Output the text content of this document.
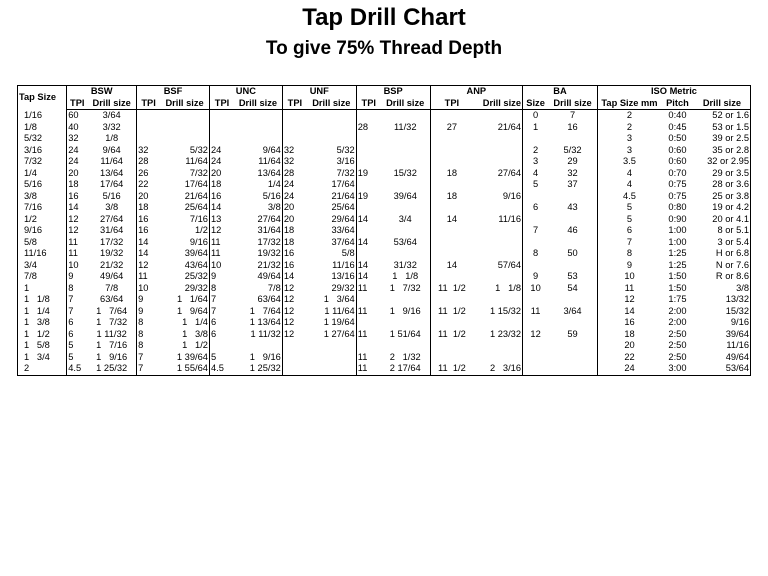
Tap Drill Chart
To give 75% Thread Depth
Tap Size	BSW		BSF		UNC		UNF		BSP		ANP		BA		ISO Metric		
	TPI	Drill size	TPI	Drill size	TPI	Drill size	TPI	Drill size	TPI	Drill size	TPI	Drill size	Size	Drill size	Tap Size mm	Pitch	Drill size
1/16	60	3/64											0	7	2	0:40	52 or 1.6
1/8	40	3/32							28	11/32	27	21/64	1	16	2	0:45	53 or 1.5
5/32	32	1/8													3	0:50	39 or 2.5
3/16	24	9/64	32	5/32	24	9/64	32	5/32					2	5/32	3	0:60	35 or 2.8
7/32	24	11/64	28	11/64	24	11/64	32	3/16					3	29	3.5	0:60	32 or 2.95
1/4	20	13/64	26	7/32	20	13/64	28	7/32	19	15/32	18	27/64	4	32	4	0:70	29 or 3.5
5/16	18	17/64	22	17/64	18	1/4	24	17/64					5	37	4	0:75	28 or 3.6
3/8	16	5/16	20	21/64	16	5/16	24	21/64	19	39/64	18	9/16			4.5	0:75	25 or 3.8
7/16	14	3/8	18	25/64	14	3/8	20	25/64					6	43	5	0:80	19 or 4.2
1/2	12	27/64	16	7/16	13	27/64	20	29/64	14	3/4	14	11/16			5	0:90	20 or 4.1
9/16	12	31/64	16	1/2	12	31/64	18	33/64					7	46	6	1:00	8 or 5.1
5/8	11	17/32	14	9/16	11	17/32	18	37/64	14	53/64					7	1:00	3 or 5.4
11/16	11	19/32	14	39/64	11	19/32	16	5/8					8	50	8	1:25	H or 6.8
3/4	10	21/32	12	43/64	10	21/32	16	11/16	14	31/32	14	57/64			9	1:25	N or 7.6
7/8	9	49/64	11	25/32	9	49/64	14	13/16	14	1   1/8			9	53	10	1:50	R or 8.6
1	8	7/8	10	29/32	8	7/8	12	29/32	11	1   7/32	11  1/2	1   1/8	10	54	11	1:50	3/8
1   1/8	7	63/64	9	1   1/64	7	63/64	12	1   3/64							12	1:75	13/32
1   1/4	7	1   7/64	9	1   9/64	7	1   7/64	12	1 11/64	11	1   9/16	11  1/2	1 15/32	11	3/64	14	2:00	15/32
1   3/8	6	1   7/32	8	1   1/4	6	1 13/64	12	1 19/64							16	2:00	9/16
1   1/2	6	1 11/32	8	1   3/8	6	1 11/32	12	1 27/64	11	1 51/64	11  1/2	1 23/32	12	59	18	2:50	39/64
1   5/8	5	1   7/16	8	1   1/2											20	2:50	11/16
1   3/4	5	1   9/16	7	1 39/64	5	1   9/16			11	2   1/32					22	2:50	49/64
2	4.5	1 25/32	7	1 55/64	4.5	1 25/32			11	2 17/64	11  1/2	2   3/16			24	3:00	53/64
